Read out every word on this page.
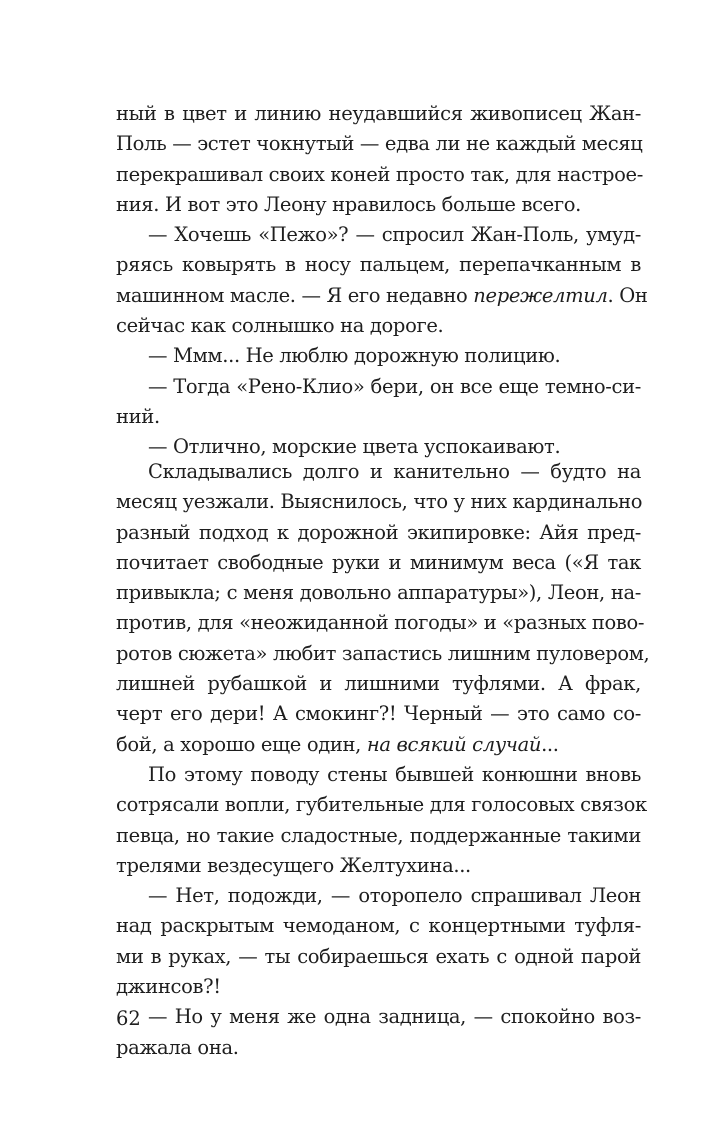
ный в цвет и линию неудавшийся живописец Жан-
Поль — эстет чокнутый — едва ли не каждый месяц
перекрашивал своих коней просто так, для настрое-
ния. И вот это Леону нравилось больше всего.
— Хочешь «Пежо»? — спросил Жан-Поль, умуд-
ряясь ковырять в носу пальцем, перепачканным в
машинном масле. — Я его недавно пережелтил. Он
сейчас как солнышко на дороге.
— Ммм... Не люблю дорожную полицию.
— Тогда «Рено-Клио» бери, он все еще темно-си-
ний.
— Отлично, морские цвета успокаивают.
Складывались долго и канительно — будто на
месяц уезжали. Выяснилось, что у них кардинально
разный подход к дорожной экипировке: Айя пред-
почитает свободные руки и минимум веса («Я так
привыкла; с меня довольно аппаратуры»), Леон, на-
против, для «неожиданной погоды» и «разных пово-
ротов сюжета» любит запастись лишним пуловером,
лишней рубашкой и лишними туфлями. А фрак,
черт его дери! А смокинг?! Черный — это само со-
бой, а хорошо еще один, на всякий случай...
По этому поводу стены бывшей конюшни вновь
сотрясали вопли, губительные для голосовых связок
певца, но такие сладостные, поддержанные такими
трелями вездесущего Желтухина...
— Нет, подожди, — оторопело спрашивал Леон
над раскрытым чемоданом, с концертными туфля-
ми в руках, — ты собираешься ехать с одной парой
джинсов?!
— Но у меня же одна задница, — спокойно воз-
ражала она.
62
